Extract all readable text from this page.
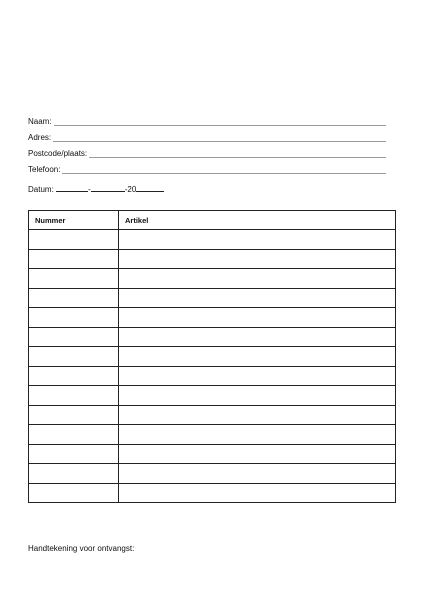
Naam:
Adres:
Postcode/plaats:
Telefoon:
Datum:	-	-20
Nummer	Artikel

Handtekening voor ontvangst:
